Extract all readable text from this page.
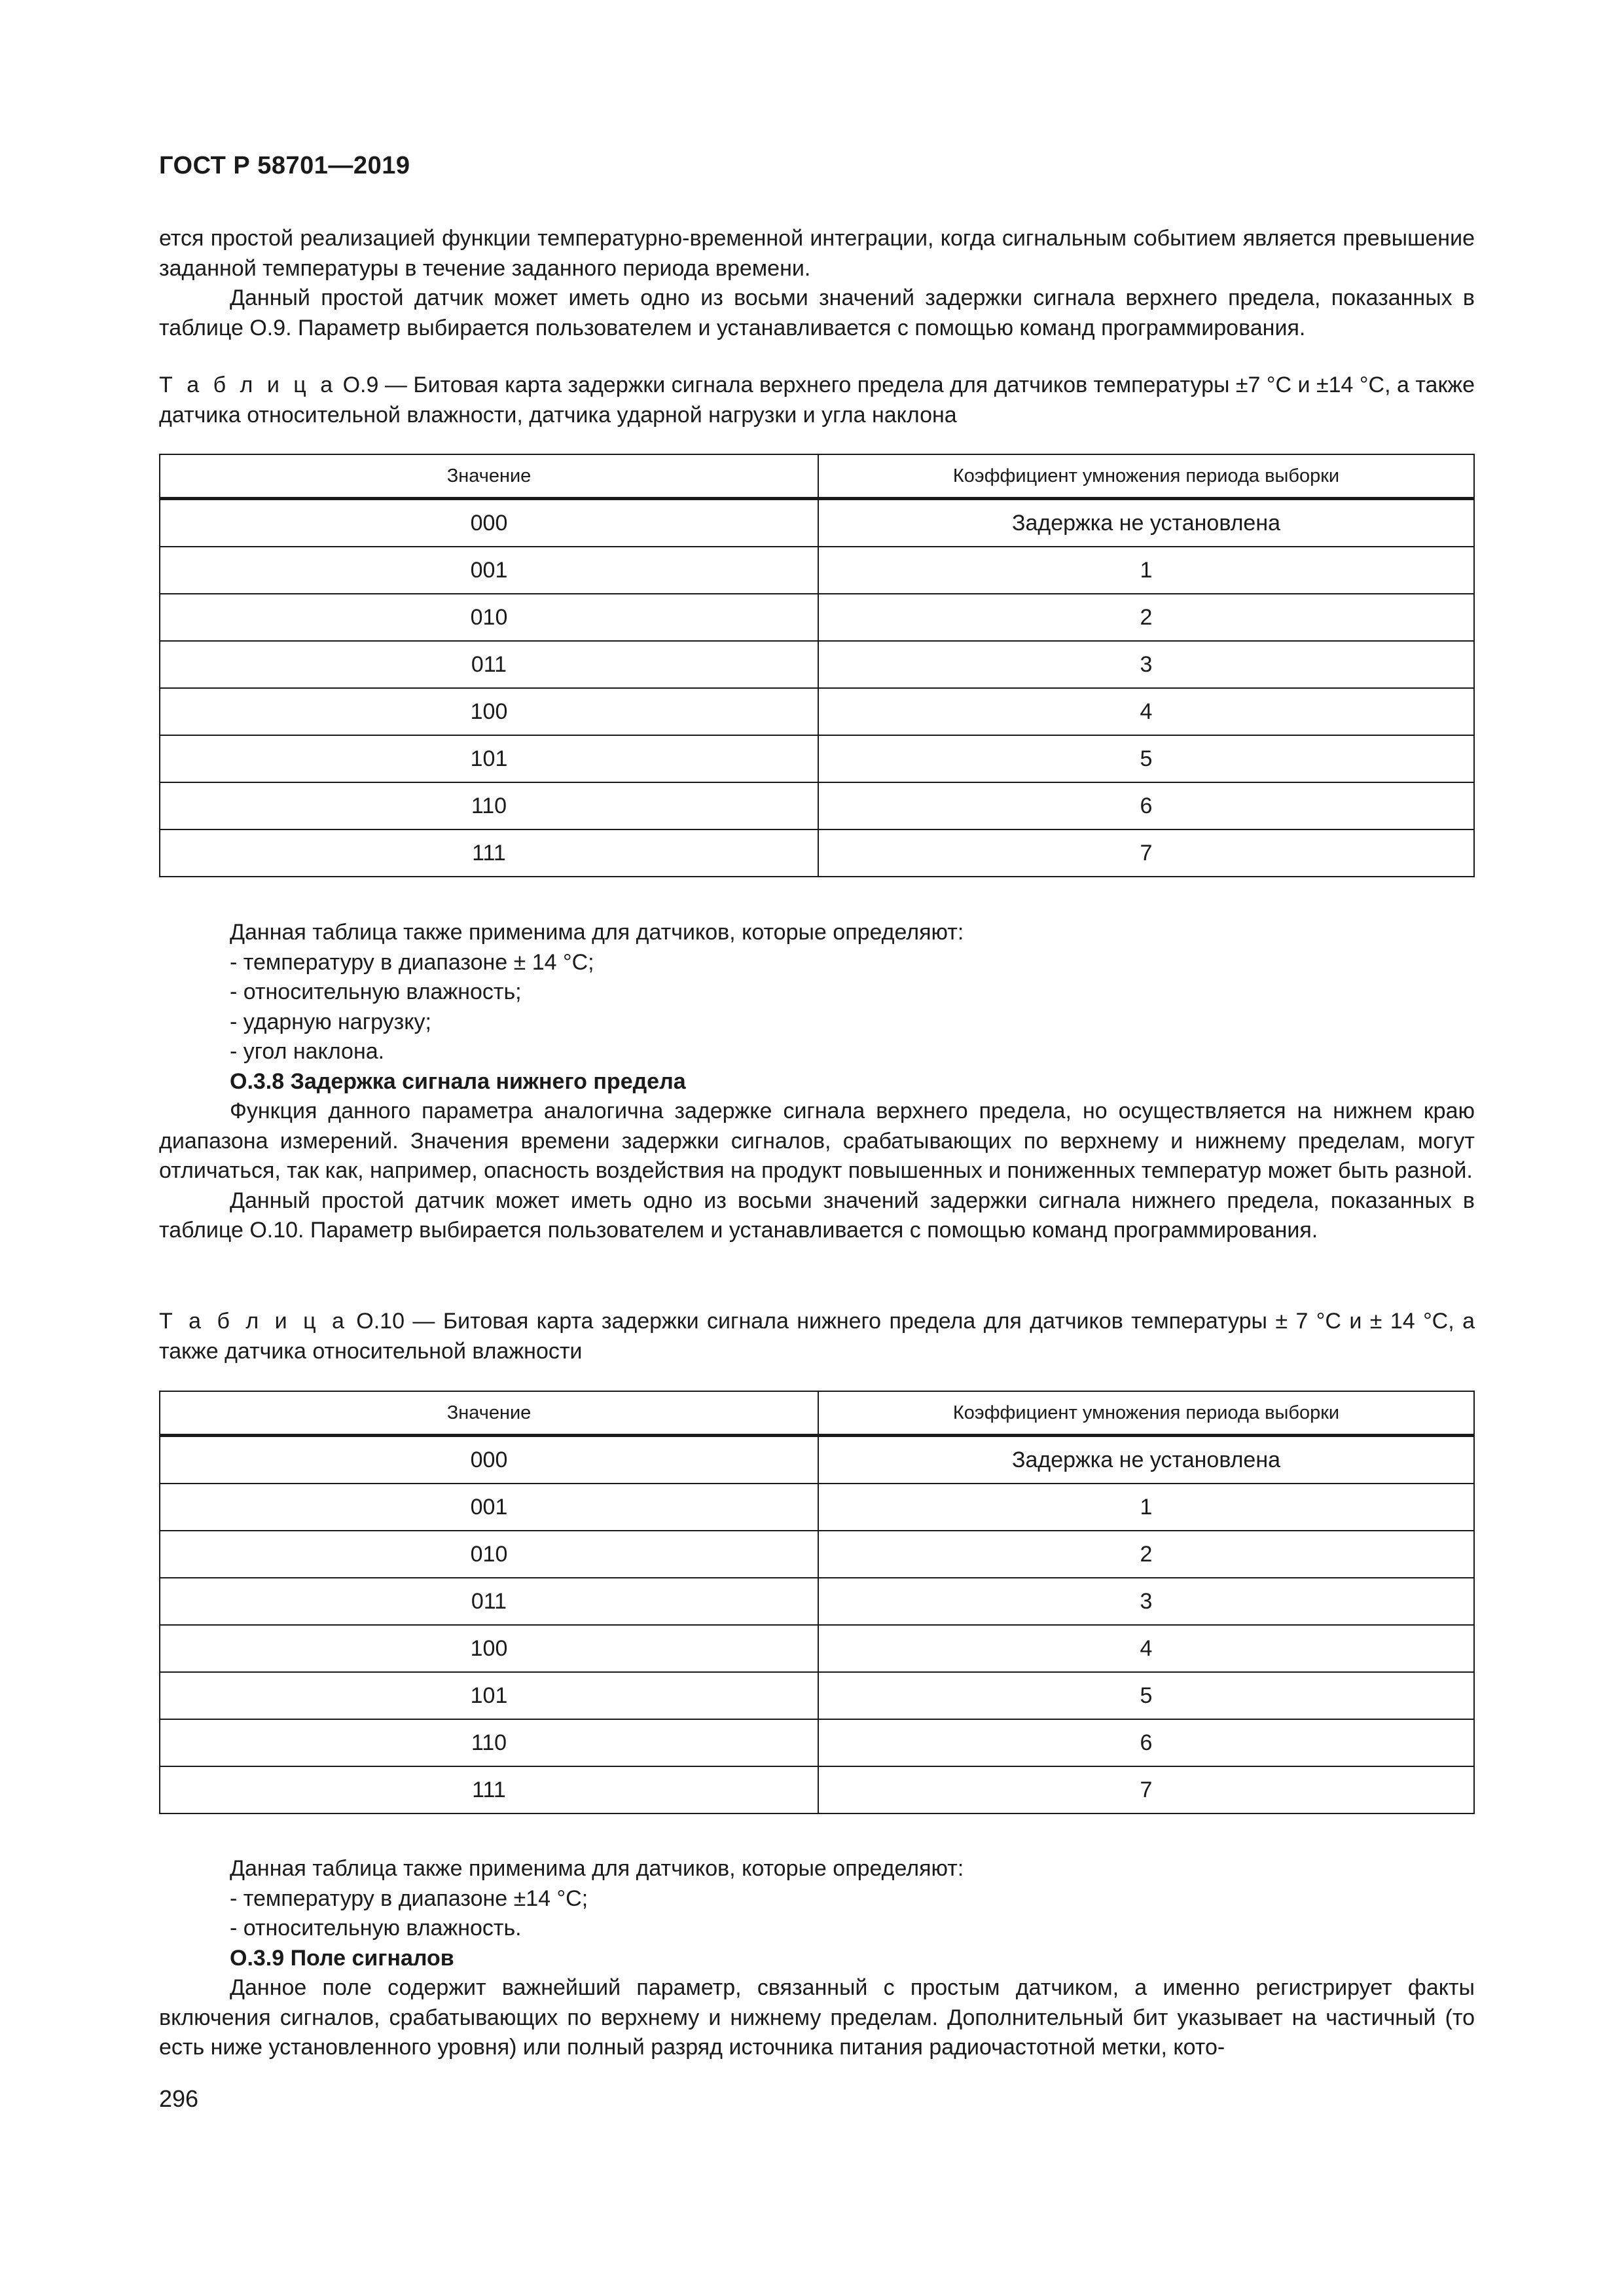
ГОСТ Р 58701—2019

ется простой реализацией функции температурно-временной интеграции, когда сигнальным событием является превышение заданной температуры в течение заданного периода времени.

Данный простой датчик может иметь одно из восьми значений задержки сигнала верхнего предела, показанных в таблице О.9. Параметр выбирается пользователем и устанавливается с помощью команд программирования.

Т а б л и ц а О.9 — Битовая карта задержки сигнала верхнего предела для датчиков температуры ±7 °С и ±14 °С, а также датчика относительной влажности, датчика ударной нагрузки и угла наклона
Значение	Коэффициент умножения периода выборки
000	Задержка не установлена
001	1
010	2
011	3
100	4
101	5
110	6
111	7
Данная таблица также применима для датчиков, которые определяют:
- температуру в диапазоне ± 14 °С;
- относительную влажность;
- ударную нагрузку;
- угол наклона.
О.3.8 Задержка сигнала нижнего предела

Функция данного параметра аналогична задержке сигнала верхнего предела, но осуществляется на нижнем краю диапазона измерений. Значения времени задержки сигналов, срабатывающих по верхнему и нижнему пределам, могут отличаться, так как, например, опасность воздействия на продукт повышенных и пониженных температур может быть разной.

Данный простой датчик может иметь одно из восьми значений задержки сигнала нижнего предела, показанных в таблице О.10. Параметр выбирается пользователем и устанавливается с помощью команд программирования.

Т а б л и ц а О.10 — Битовая карта задержки сигнала нижнего предела для датчиков температуры ± 7 °С и ± 14 °С, а также датчика относительной влажности
Значение	Коэффициент умножения периода выборки
000	Задержка не установлена
001	1
010	2
011	3
100	4
101	5
110	6
111	7
Данная таблица также применима для датчиков, которые определяют:
- температуру в диапазоне ±14 °С;
- относительную влажность.
О.3.9 Поле сигналов

Данное поле содержит важнейший параметр, связанный с простым датчиком, а именно регистрирует факты включения сигналов, срабатывающих по верхнему и нижнему пределам. Дополнительный бит указывает на частичный (то есть ниже установленного уровня) или полный разряд источника питания радиочастотной метки, кото-

296
